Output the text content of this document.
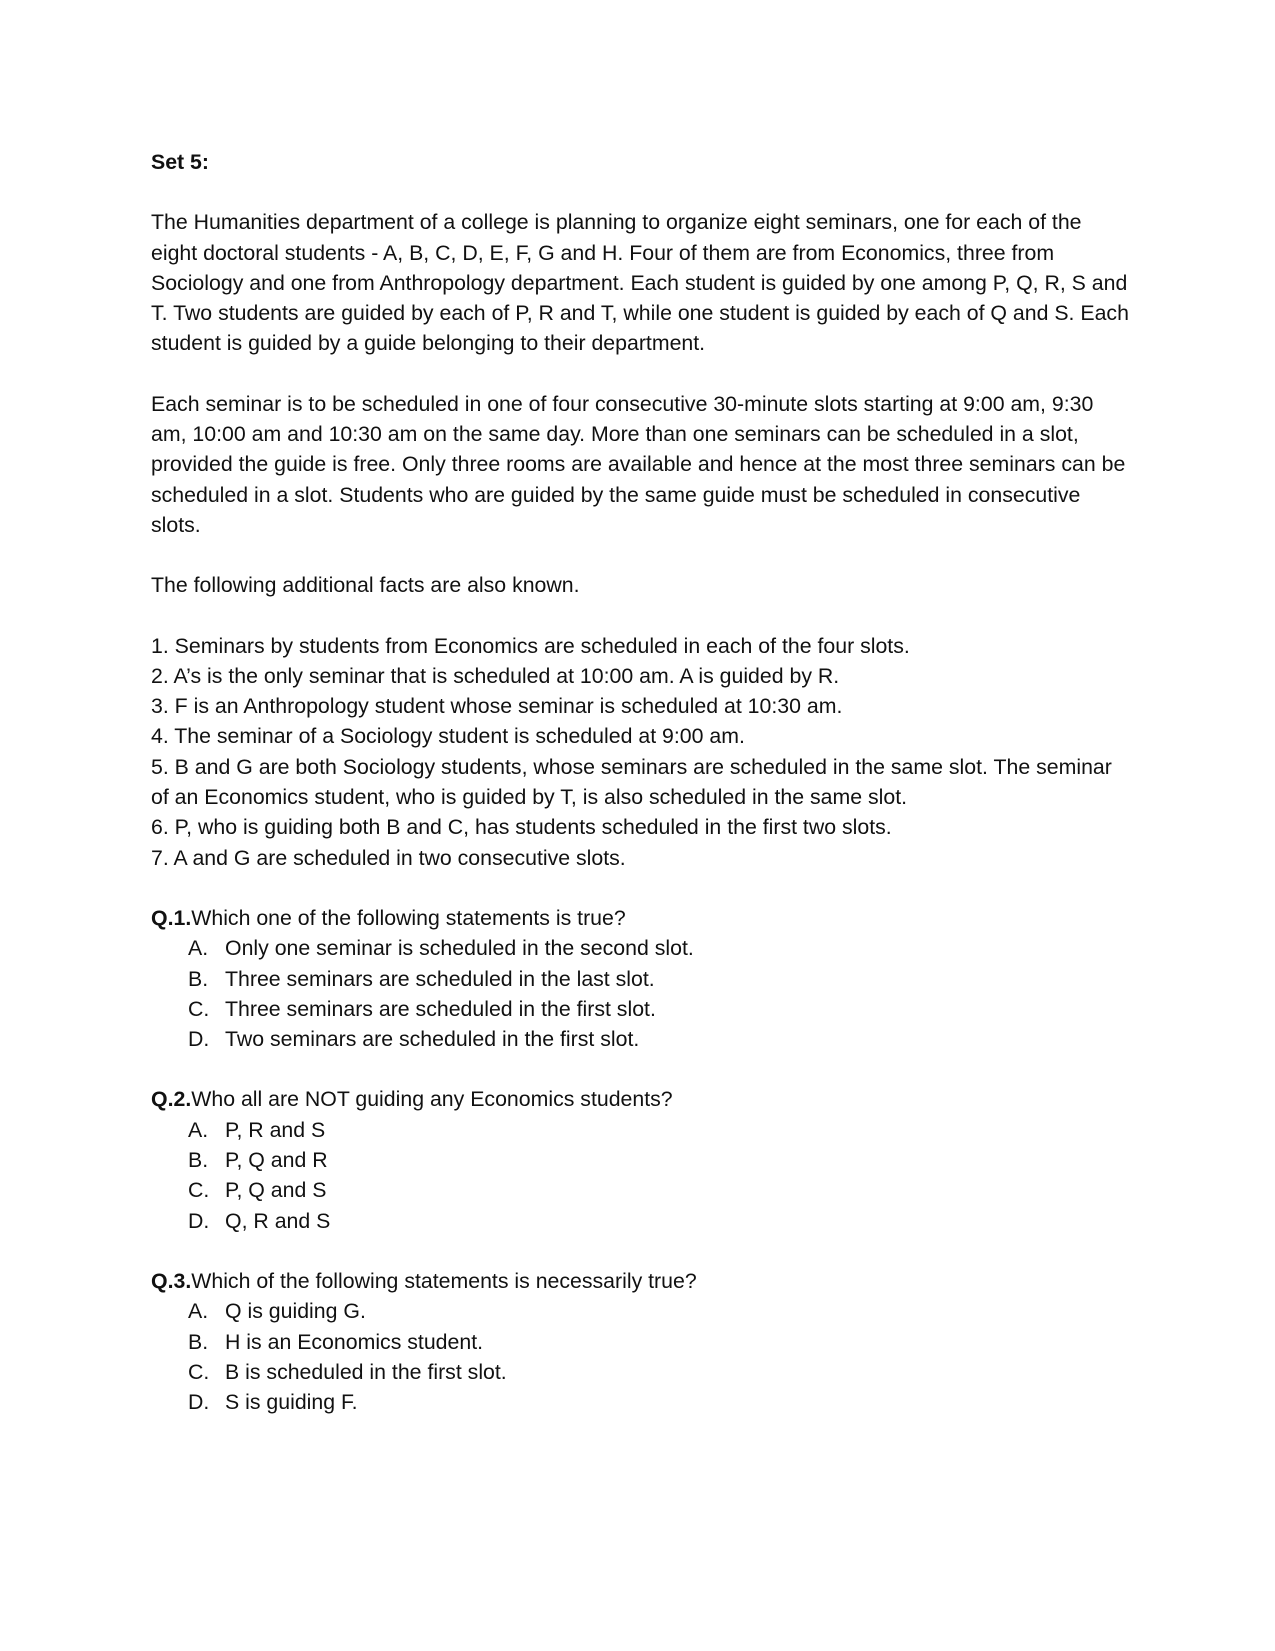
Set 5:

The Humanities department of a college is planning to organize eight seminars, one for each of the eight doctoral students - A, B, C, D, E, F, G and H. Four of them are from Economics, three from Sociology and one from Anthropology department. Each student is guided by one among P, Q, R, S and T. Two students are guided by each of P, R and T, while one student is guided by each of Q and S. Each student is guided by a guide belonging to their department.

Each seminar is to be scheduled in one of four consecutive 30-minute slots starting at 9:00 am, 9:30 am, 10:00 am and 10:30 am on the same day. More than one seminars can be scheduled in a slot, provided the guide is free. Only three rooms are available and hence at the most three seminars can be scheduled in a slot. Students who are guided by the same guide must be scheduled in consecutive slots.

The following additional facts are also known.

1. Seminars by students from Economics are scheduled in each of the four slots.

2. A’s is the only seminar that is scheduled at 10:00 am. A is guided by R.

3. F is an Anthropology student whose seminar is scheduled at 10:30 am.

4. The seminar of a Sociology student is scheduled at 9:00 am.

5. B and G are both Sociology students, whose seminars are scheduled in the same slot. The seminar of an Economics student, who is guided by T, is also scheduled in the same slot.

6. P, who is guiding both B and C, has students scheduled in the first two slots.

7. A and G are scheduled in two consecutive slots.

Q.1.Which one of the following statements is true?

A. Only one seminar is scheduled in the second slot.
B. Three seminars are scheduled in the last slot.
C. Three seminars are scheduled in the first slot.
D. Two seminars are scheduled in the first slot.

Q.2.Who all are NOT guiding any Economics students?

A. P, R and S
B. P, Q and R
C. P, Q and S
D. Q, R and S

Q.3.Which of the following statements is necessarily true?

A. Q is guiding G.
B. H is an Economics student.
C. B is scheduled in the first slot.
D. S is guiding F.
